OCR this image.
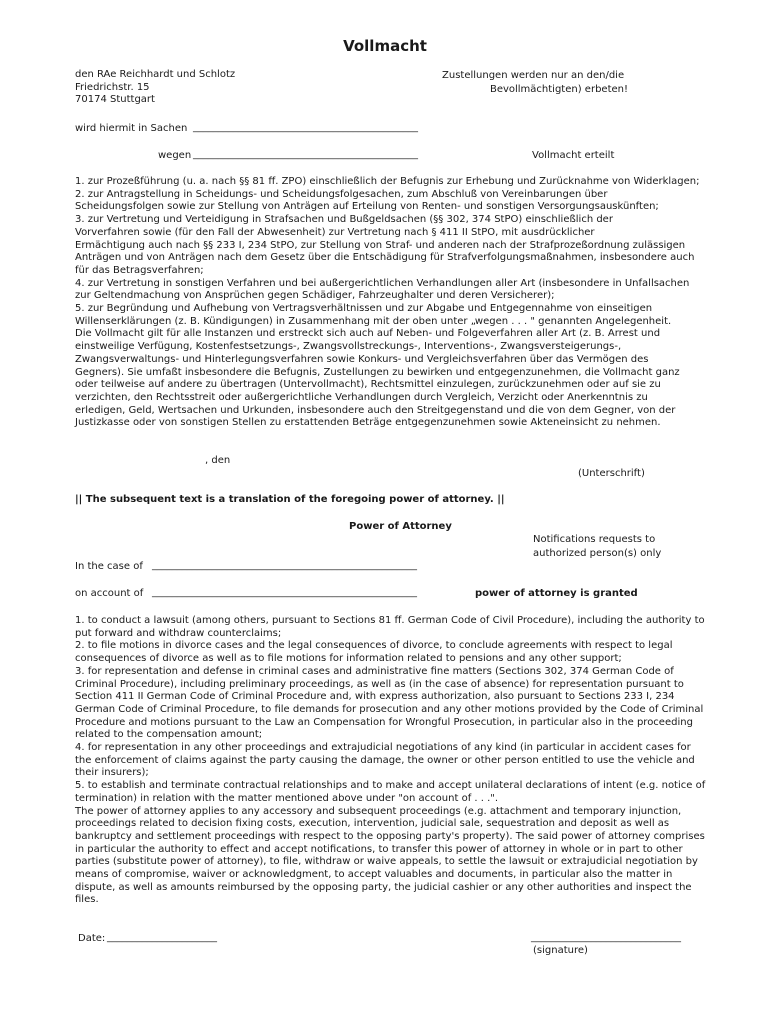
Vollmacht
den RAe Reichhardt und Schlotz
Friedrichstr. 15
70174 Stuttgart
Zustellungen werden nur an den/die
Bevollmächtigten) erbeten!
wird hiermit in Sachen _____________________________________________
wegen _____________________________________________	Vollmacht erteilt
1. zur Prozeßführung (u. a. nach §§ 81 ff. ZPO) einschließlich der Befugnis zur Erhebung und Zurücknahme von Widerklagen;
2. zur Antragstellung in Scheidungs- und Scheidungsfolgesachen, zum Abschluß von Vereinbarungen über
Scheidungsfolgen sowie zur Stellung von Anträgen auf Erteilung von Renten- und sonstigen Versorgungsauskünften;
3. zur Vertretung und Verteidigung in Strafsachen und Bußgeldsachen (§§ 302, 374 StPO) einschließlich der
Vorverfahren sowie (für den Fall der Abwesenheit) zur Vertretung nach § 411 II StPO, mit ausdrücklicher
Ermächtigung auch nach §§ 233 I, 234 StPO, zur Stellung von Straf- und anderen nach der Strafprozeßordnung zulässigen
Anträgen und von Anträgen nach dem Gesetz über die Entschädigung für Strafverfolgungsmaßnahmen, insbesondere auch
für das Betragsverfahren;
4. zur Vertretung in sonstigen Verfahren und bei außergerichtlichen Verhandlungen aller Art (insbesondere in Unfallsachen
zur Geltendmachung von Ansprüchen gegen Schädiger, Fahrzeughalter und deren Versicherer);
5. zur Begründung und Aufhebung von Vertragsverhältnissen und zur Abgabe und Entgegennahme von einseitigen
Willenserklärungen (z. B. Kündigungen) in Zusammenhang mit der oben unter „wegen . . . " genannten Angelegenheit.
Die Vollmacht gilt für alle Instanzen und erstreckt sich auch auf Neben- und Folgeverfahren aller Art (z. B. Arrest und
einstweilige Verfügung, Kostenfestsetzungs-, Zwangsvollstreckungs-, Interventions-, Zwangsversteigerungs-,
Zwangsverwaltungs- und Hinterlegungsverfahren sowie Konkurs- und Vergleichsverfahren über das Vermögen des
Gegners). Sie umfaßt insbesondere die Befugnis, Zustellungen zu bewirken und entgegenzunehmen, die Vollmacht ganz
oder teilweise auf andere zu übertragen (Untervollmacht), Rechtsmittel einzulegen, zurückzunehmen oder auf sie zu
verzichten, den Rechtsstreit oder außergerichtliche Verhandlungen durch Vergleich, Verzicht oder Anerkenntnis zu
erledigen, Geld, Wertsachen und Urkunden, insbesondere auch den Streitgegenstand und die von dem Gegner, von der
Justizkasse oder von sonstigen Stellen zu erstattenden Beträge entgegenzunehmen sowie Akteneinsicht zu nehmen.
, den
(Unterschrift)
|| The subsequent text is a translation of the foregoing power of attorney. ||
Power of Attorney
Notifications requests to
authorized person(s) only
In the case of _____________________________________________________
on account of _____________________________________________________	power of attorney is granted
1. to conduct a lawsuit (among others, pursuant to Sections 81 ff. German Code of Civil Procedure), including the authority to
put forward and withdraw counterclaims;
2. to file motions in divorce cases and the legal consequences of divorce, to conclude agreements with respect to legal
consequences of divorce as well as to file motions for information related to pensions and any other support;
3. for representation and defense in criminal cases and administrative fine matters (Sections 302, 374 German Code of
Criminal Procedure), including preliminary proceedings, as well as (in the case of absence) for representation pursuant to
Section 411 II German Code of Criminal Procedure and, with express authorization, also pursuant to Sections 233 I, 234
German Code of Criminal Procedure, to file demands for prosecution and any other motions provided by the Code of Criminal
Procedure and motions pursuant to the Law an Compensation for Wrongful Prosecution, in particular also in the proceeding
related to the compensation amount;
4. for representation in any other proceedings and extrajudicial negotiations of any kind (in particular in accident cases for
the enforcement of claims against the party causing the damage, the owner or other person entitled to use the vehicle and
their insurers);
5. to establish and terminate contractual relationships and to make and accept unilateral declarations of intent (e.g. notice of
termination) in relation with the matter mentioned above under "on account of . . .".
The power of attorney applies to any accessory and subsequent proceedings (e.g. attachment and temporary injunction,
proceedings related to decision fixing costs, execution, intervention, judicial sale, sequestration and deposit as well as
bankruptcy and settlement proceedings with respect to the opposing party's property). The said power of attorney comprises
in particular the authority to effect and accept notifications, to transfer this power of attorney in whole or in part to other
parties (substitute power of attorney), to file, withdraw or waive appeals, to settle the lawsuit or extrajudicial negotiation by
means of compromise, waiver or acknowledgment, to accept valuables and documents, in particular also the matter in
dispute, as well as amounts reimbursed by the opposing party, the judicial cashier or any other authorities and inspect the
files.
Date: ______________________	______________________________
(signature)
